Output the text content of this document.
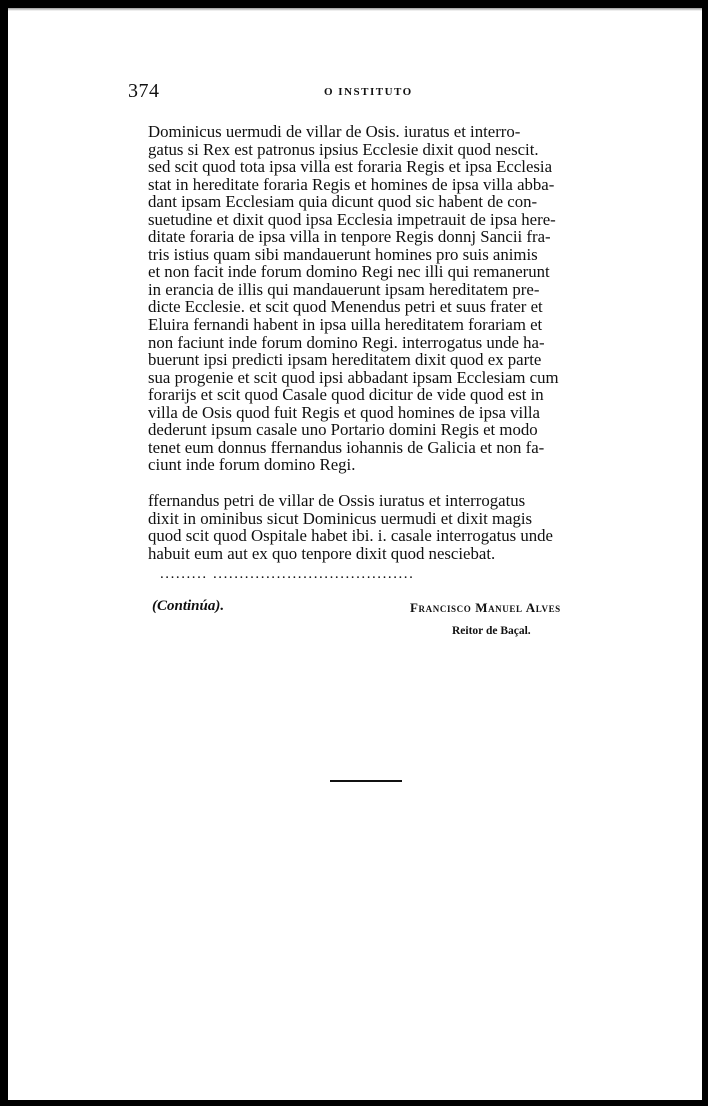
374	O INSTITUTO

Dominicus uermudi de villar de Osis. iuratus et interro-
gatus si Rex est patronus ipsius Ecclesie dixit quod nescit.
sed scit quod tota ipsa villa est foraria Regis et ipsa Ecclesia
stat in hereditate foraria Regis et homines de ipsa villa abba-
dant ipsam Ecclesiam quia dicunt quod sic habent de con-
suetudine et dixit quod ipsa Ecclesia impetrauit de ipsa here-
ditate foraria de ipsa villa in tenpore Regis donnj Sancii fra-
tris istius quam sibi mandauerunt homines pro suis animis
et non facit inde forum domino Regi nec illi qui remanerunt
in erancia de illis qui mandauerunt ipsam hereditatem pre-
dicte Ecclesie. et scit quod Menendus petri et suus frater et
Eluira fernandi habent in ipsa uilla hereditatem forariam et
non faciunt inde forum domino Regi. interrogatus unde ha-
buerunt ipsi predicti ipsam hereditatem dixit quod ex parte
sua progenie et scit quod ipsi abbadant ipsam Ecclesiam cum
forarijs et scit quod Casale quod dicitur de vide quod est in
villa de Osis quod fuit Regis et quod homines de ipsa villa
dederunt ipsum casale uno Portario domini Regis et modo
tenet eum donnus ffernandus iohannis de Galicia et non fa-
ciunt inde forum domino Regi.

ffernandus petri de villar de Ossis iuratus et interrogatus
dixit in ominibus sicut Dominicus uermudi et dixit magis
quod scit quod Ospitale habet ibi. i. casale interrogatus unde
habuit eum aut ex quo tenpore dixit quod nesciebat.

......... ......................................
(Continúa).	Francisco Manuel Alves
Reitor de Baçal.
